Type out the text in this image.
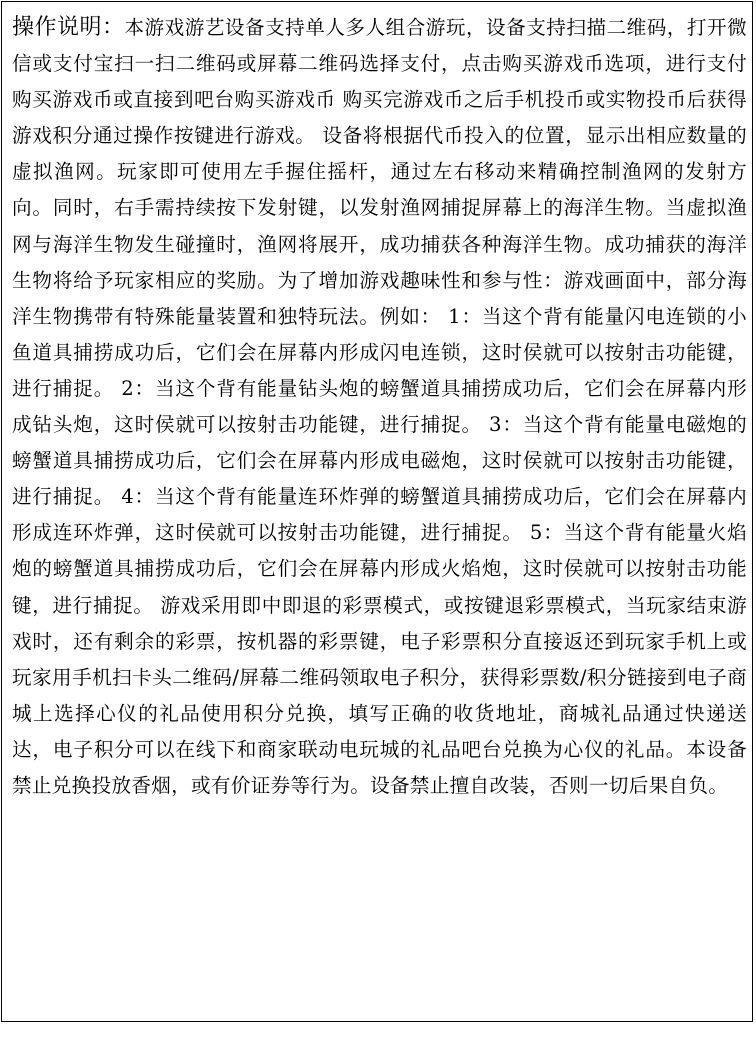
操作说明：本游戏游艺设备支持单人多人组合游玩，设备支持扫描二维码，打开微信或支付宝扫一扫二维码或屏幕二维码选择支付，点击购买游戏币选项，进行支付购买游戏币或直接到吧台购买游戏币 购买完游戏币之后手机投币或实物投币后获得游戏积分通过操作按键进行游戏。 设备将根据代币投入的位置，显示出相应数量的虚拟渔网。玩家即可使用左手握住摇杆，通过左右移动来精确控制渔网的发射方向。同时，右手需持续按下发射键，以发射渔网捕捉屏幕上的海洋生物。当虚拟渔网与海洋生物发生碰撞时，渔网将展开，成功捕获各种海洋生物。成功捕获的海洋生物将给予玩家相应的奖励。为了增加游戏趣味性和参与性：游戏画面中，部分海洋生物携带有特殊能量装置和独特玩法。例如： 1：当这个背有能量闪电连锁的小鱼道具捕捞成功后，它们会在屏幕内形成闪电连锁，这时侯就可以按射击功能键，进行捕捉。 2：当这个背有能量钻头炮的螃蟹道具捕捞成功后，它们会在屏幕内形成钻头炮，这时侯就可以按射击功能键，进行捕捉。 3：当这个背有能量电磁炮的螃蟹道具捕捞成功后，它们会在屏幕内形成电磁炮，这时侯就可以按射击功能键，进行捕捉。 4：当这个背有能量连环炸弹的螃蟹道具捕捞成功后，它们会在屏幕内形成连环炸弹，这时侯就可以按射击功能键，进行捕捉。 5：当这个背有能量火焰炮的螃蟹道具捕捞成功后，它们会在屏幕内形成火焰炮，这时侯就可以按射击功能键，进行捕捉。 游戏采用即中即退的彩票模式，或按键退彩票模式，当玩家结束游戏时，还有剩余的彩票，按机器的彩票键，电子彩票积分直接返还到玩家手机上或玩家用手机扫卡头二维码/屏幕二维码领取电子积分，获得彩票数/积分链接到电子商城上选择心仪的礼品使用积分兑换，填写正确的收货地址，商城礼品通过快递送达，电子积分可以在线下和商家联动电玩城的礼品吧台兑换为心仪的礼品。本设备禁止兑换投放香烟，或有价证券等行为。设备禁止擅自改装，否则一切后果自负。
